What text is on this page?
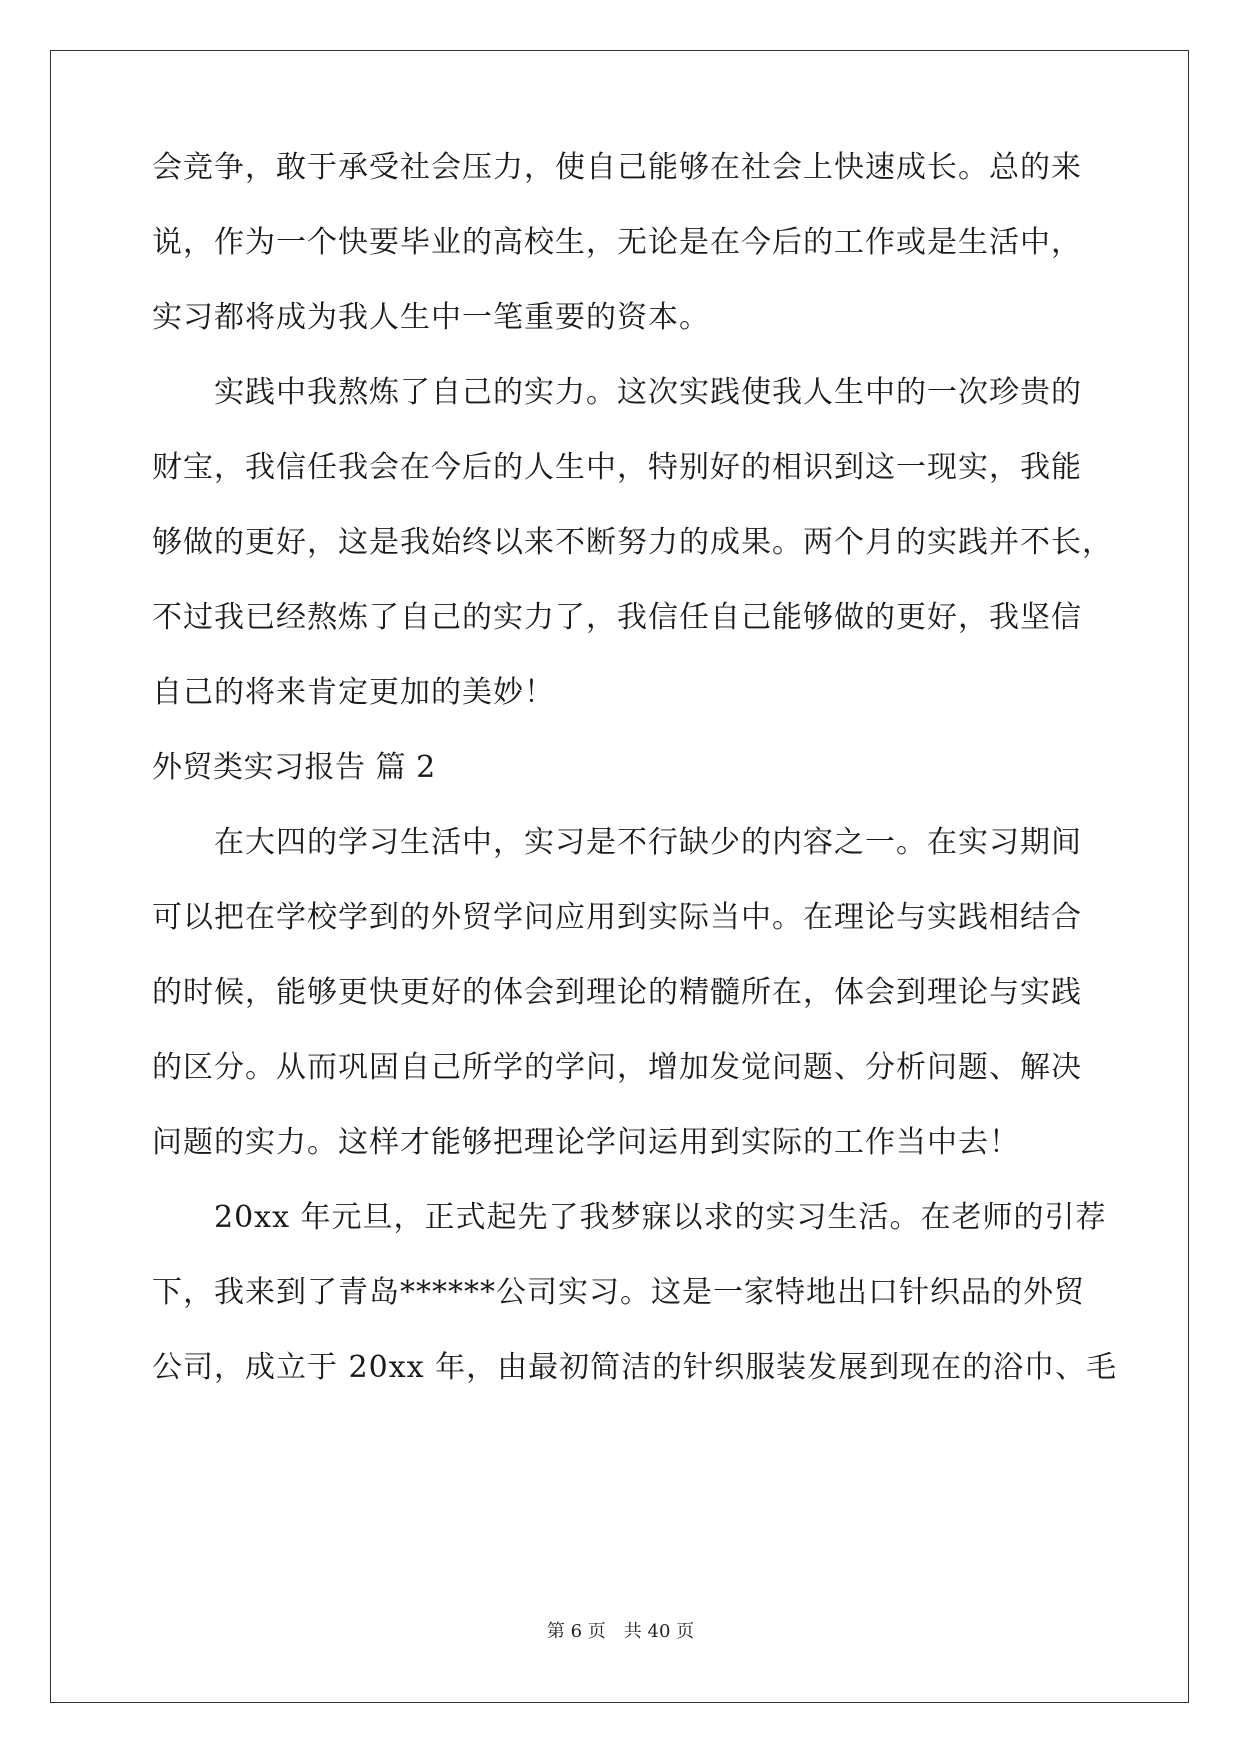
会竞争，敢于承受社会压力，使自己能够在社会上快速成长。总的来
说，作为一个快要毕业的高校生，无论是在今后的工作或是生活中，
实习都将成为我人生中一笔重要的资本。
实践中我熬炼了自己的实力。这次实践使我人生中的一次珍贵的
财宝，我信任我会在今后的人生中，特别好的相识到这一现实，我能
够做的更好，这是我始终以来不断努力的成果。两个月的实践并不长，
不过我已经熬炼了自己的实力了，我信任自己能够做的更好，我坚信
自己的将来肯定更加的美妙！
外贸类实习报告 篇 2
在大四的学习生活中，实习是不行缺少的内容之一。在实习期间
可以把在学校学到的外贸学问应用到实际当中。在理论与实践相结合
的时候，能够更快更好的体会到理论的精髓所在，体会到理论与实践
的区分。从而巩固自己所学的学问，增加发觉问题、分析问题、解决
问题的实力。这样才能够把理论学问运用到实际的工作当中去！
20xx 年元旦，正式起先了我梦寐以求的实习生活。在老师的引荐
下，我来到了青岛******公司实习。这是一家特地出口针织品的外贸
公司，成立于 20xx 年，由最初简洁的针织服装发展到现在的浴巾、毛
第 6 页　共 40 页
